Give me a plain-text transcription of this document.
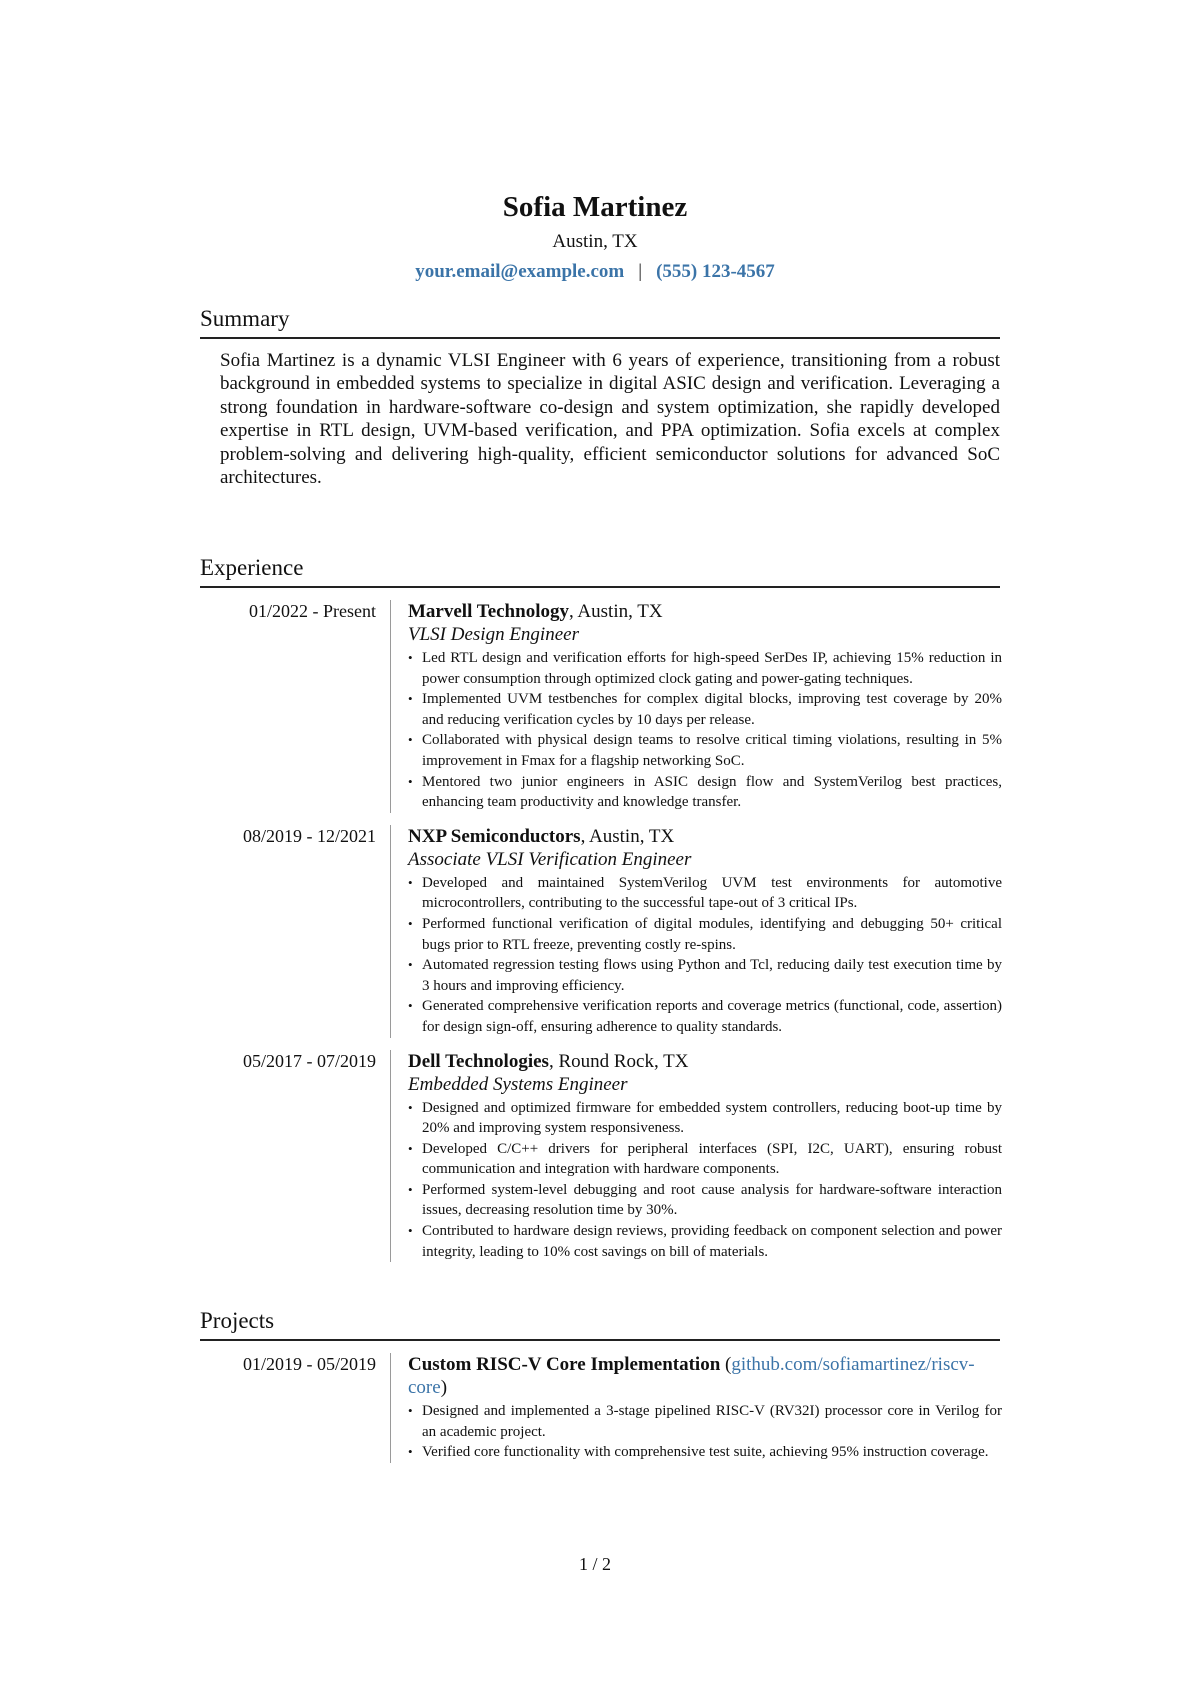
Sofia Martinez
Austin, TX
your.email@example.com | (555) 123-4567
Summary

Sofia Martinez is a dynamic VLSI Engineer with 6 years of experience, transitioning from a robust background in embedded systems to specialize in digital ASIC design and verification. Leveraging a strong foundation in hardware-software co-design and system optimization, she rapidly developed expertise in RTL design, UVM-based verification, and PPA optimization. Sofia excels at complex problem-solving and delivering high-quality, efficient semiconductor solutions for advanced SoC architectures.

Experience
01/2022 - Present Marvell Technology, Austin, TX
VLSI Design Engineer
• Led RTL design and verification efforts for high-speed SerDes IP, achieving 15% reduction in power consumption through optimized clock gating and power-gating techniques.
• Implemented UVM testbenches for complex digital blocks, improving test coverage by 20% and reducing verification cycles by 10 days per release.
• Collaborated with physical design teams to resolve critical timing violations, resulting in 5% improvement in Fmax for a flagship networking SoC.
• Mentored two junior engineers in ASIC design flow and SystemVerilog best practices, enhancing team productivity and knowledge transfer.
08/2019 - 12/2021 NXP Semiconductors, Austin, TX
Associate VLSI Verification Engineer
• Developed and maintained SystemVerilog UVM test environments for automotive microcontrollers, contributing to the successful tape-out of 3 critical IPs.
• Performed functional verification of digital modules, identifying and debugging 50+ critical bugs prior to RTL freeze, preventing costly re-spins.
• Automated regression testing flows using Python and Tcl, reducing daily test execution time by 3 hours and improving efficiency.
• Generated comprehensive verification reports and coverage metrics (functional, code, assertion) for design sign-off, ensuring adherence to quality standards.
05/2017 - 07/2019 Dell Technologies, Round Rock, TX
Embedded Systems Engineer
• Designed and optimized firmware for embedded system controllers, reducing boot-up time by 20% and improving system responsiveness.
• Developed C/C++ drivers for peripheral interfaces (SPI, I2C, UART), ensuring robust communication and integration with hardware components.
• Performed system-level debugging and root cause analysis for hardware-software interaction issues, decreasing resolution time by 30%.
• Contributed to hardware design reviews, providing feedback on component selection and power integrity, leading to 10% cost savings on bill of materials.
Projects
01/2019 - 05/2019 Custom RISC-V Core Implementation (github.com/sofiamartinez/riscv-core)
• Designed and implemented a 3-stage pipelined RISC-V (RV32I) processor core in Verilog for an academic project.
• Verified core functionality with comprehensive test suite, achieving 95% instruction coverage.
1 / 2
